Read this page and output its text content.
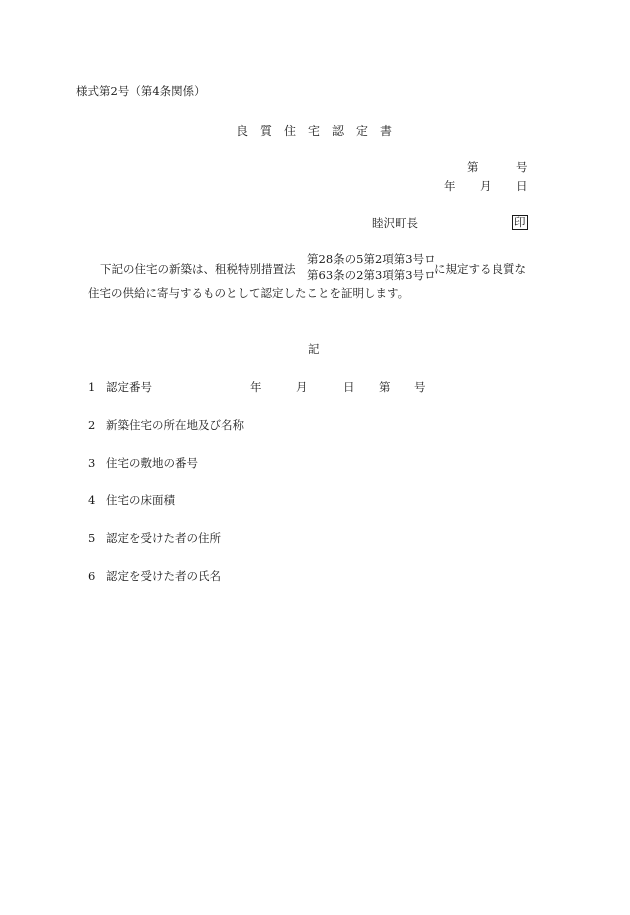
様式第2号（第4条関係）
良　質　住　宅　認　定　書
第	号
年 月 日
睦沢町長	印
下記の住宅の新築は、租税特別措置法
第28条の5第2項第3号ロ
第63条の2第3項第3号ロ
に規定する良質な
住宅の供給に寄与するものとして認定したことを証明します。
記
1 認定番号	年	月	日 第 号
2 新築住宅の所在地及び名称
3 住宅の敷地の番号
4 住宅の床面積
5 認定を受けた者の住所
6 認定を受けた者の氏名
